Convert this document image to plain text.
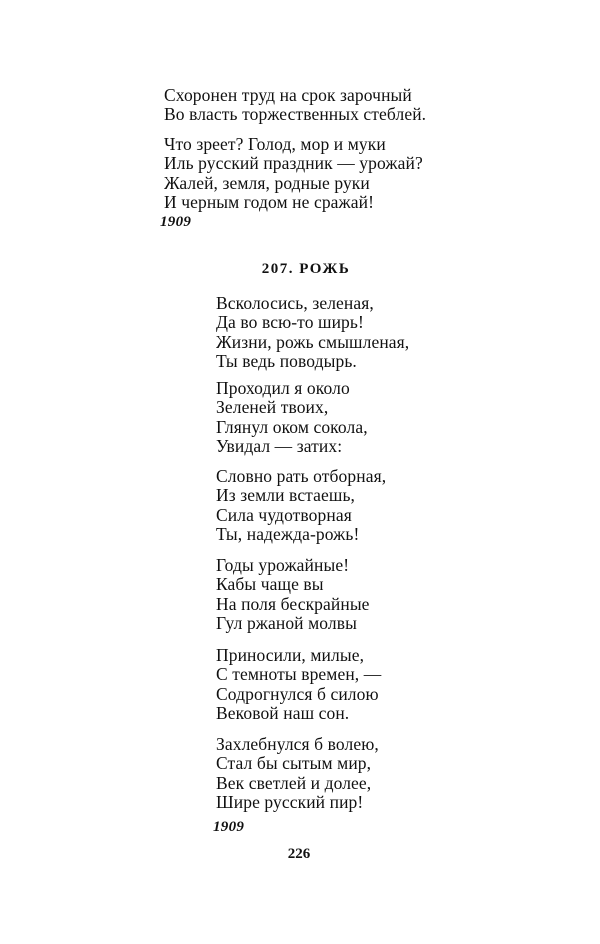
Схоронен труд на срок зарочный
Во власть торжественных стеблей.
Что зреет? Голод, мор и муки
Иль русский праздник — урожай?
Жалей, земля, родные руки
И черным годом не сражай!
1909
207. РОЖЬ
Всколосись, зеленая,
Да во всю-то ширь!
Жизни, рожь смышленая,
Ты ведь поводырь.
Проходил я около
Зеленей твоих,
Глянул оком сокола,
Увидал — затих:
Словно рать отборная,
Из земли встаешь,
Сила чудотворная
Ты, надежда-рожь!
Годы урожайные!
Кабы чаще вы
На поля бескрайные
Гул ржаной молвы
Приносили, милые,
С темноты времен, —
Содрогнулся б силою
Вековой наш сон.
Захлебнулся б волею,
Стал бы сытым мир,
Век светлей и долее,
Шире русский пир!
1909
226
